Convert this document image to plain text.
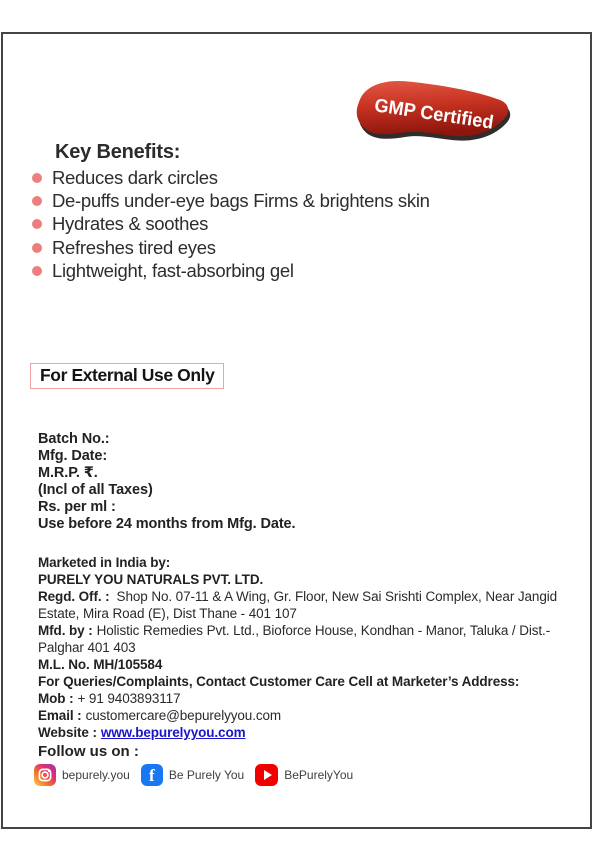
GMP Certified
Key Benefits:
Reduces dark circles
De-puffs under-eye bags Firms & brightens skin
Hydrates & soothes
Refreshes tired eyes
Lightweight, fast-absorbing gel
For External Use Only

Batch No.:

Mfg. Date:

M.R.P. ₹.

(Incl of all Taxes)

Rs. per ml :

Use before 24 months from Mfg. Date.

Marketed in India by:

PURELY YOU NATURALS PVT. LTD.

Regd. Off. : Shop No. 07-11 & A Wing, Gr. Floor, New Sai Srishti Complex, Near Jangid Estate, Mira Road (E), Dist Thane - 401 107

Mfd. by : Holistic Remedies Pvt. Ltd., Bioforce House, Kondhan - Manor, Taluka / Dist.- Palghar 401 403

M.L. No. MH/105584

For Queries/Complaints, Contact Customer Care Cell at Marketer’s Address:

Mob : + 91 9403893117

Email : customercare@bepurelyyou.com

Website : www.bepurelyyou.com

Follow us on :
bepurely.you f Be Purely You	BePurelyYou
